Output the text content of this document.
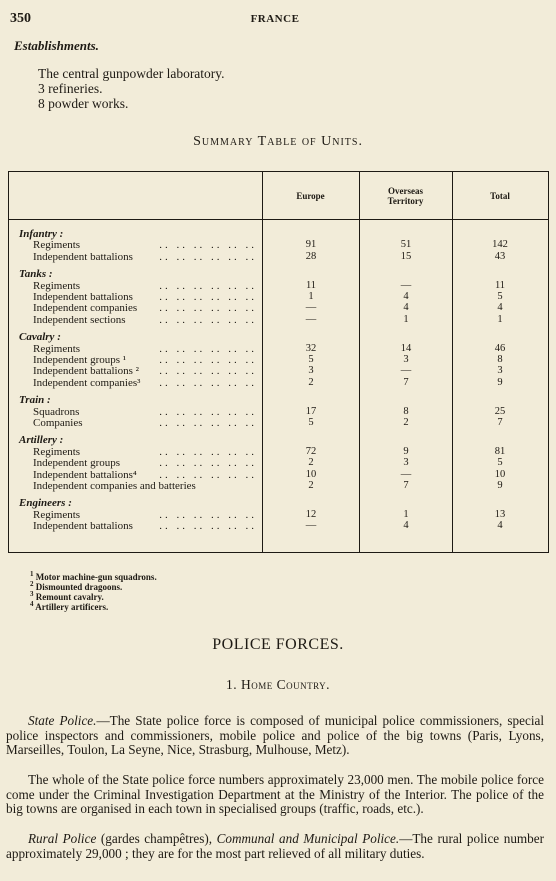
350	FRANCE
Establishments.
The central gunpowder laboratory.
3 refineries.
8 powder works.
Summary Table of Units.
Europe	Overseas Territory	Total
Infantry :
Regiments	.. .. .. .. .. ..	91	51	142
Independent battalions .. .. .. .. .. ..	28	15	43
Tanks :
Regiments	.. .. .. .. .. ..	11	—	11
Independent battalions .. .. .. .. .. ..	1	4	5
Independent companies .. .. .. .. .. ..	—	4	4
Independent sections	.. .. .. .. .. ..	—	1	1
Cavalry :
Regiments	.. .. .. .. .. ..	32	14	46
Independent groups ¹	.. .. .. .. .. ..	5	3	8
Independent battalions ² .. .. .. .. .. ..	3	—	3
Independent companies³ .. .. .. .. .. ..	2	7	9
Train :
Squadrons	.. .. .. .. .. ..	17	8	25
Companies	.. .. .. .. .. ..	5	2	7
Artillery :
Regiments	.. .. .. .. .. ..	72	9	81
Independent groups	.. .. .. .. .. ..	2	3	5
Independent battalions⁴ .. .. .. .. .. ..	10	—	10
Independent companies and batteries	2	7	9
Engineers :
Regiments	.. .. .. .. .. ..	12	1	13
Independent battalions .. .. .. .. .. ..	—	4	4
$^1$ Motor machine-gun squadrons.
$^2$ Dismounted dragoons.
$^3$ Remount cavalry.
$^4$ Artillery artificers.
POLICE FORCES.
1. Home Country.
State Police.—The State police force is composed of municipal police commissioners, special police inspectors and commissioners, mobile police and police of the big towns (Paris, Lyons, Marseilles, Toulon, La Seyne, Nice, Strasburg, Mulhouse, Metz).
The whole of the State police force numbers approximately 23,000 men. The mobile police force come under the Criminal Investigation Department at the Ministry of the Interior. The police of the big towns are organised in each town in specialised groups (traffic, roads, etc.).
Rural Police (gardes champêtres), Communal and Municipal Police.—The rural police number approximately 29,000 ; they are for the most part relieved of all military duties.
